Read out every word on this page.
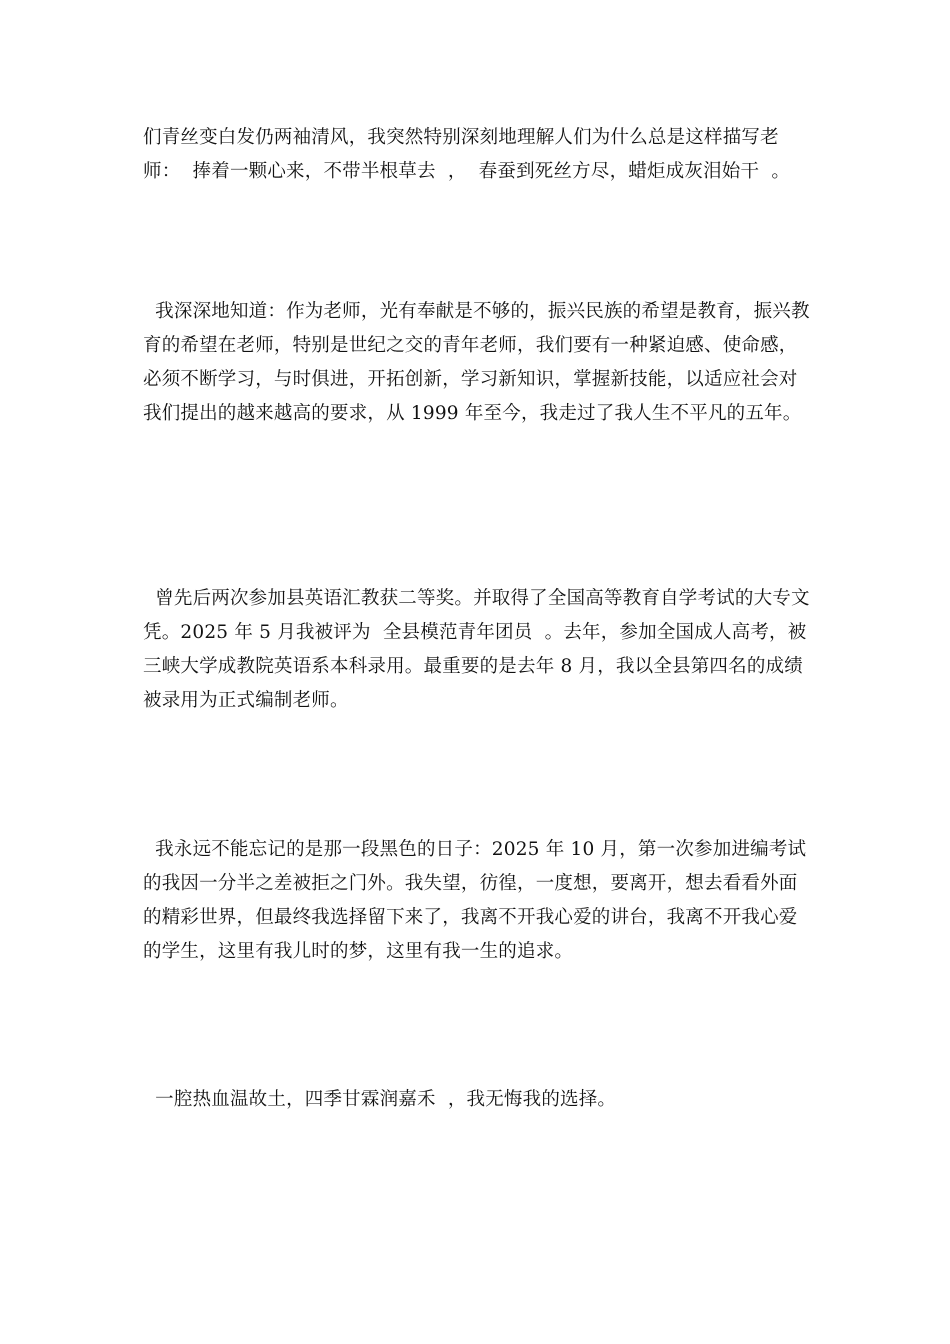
们青丝变白发仍两袖清风，我突然特别深刻地理解人们为什么总是这样描写老师：  捧着一颗心来，不带半根草去  ，  春蚕到死丝方尽，蜡炬成灰泪始干  。

我深深地知道：作为老师，光有奉献是不够的，振兴民族的希望是教育，振兴教育的希望在老师，特别是世纪之交的青年老师，我们要有一种紧迫感、使命感，必须不断学习，与时俱进，开拓创新，学习新知识，掌握新技能，以适应社会对我们提出的越来越高的要求，从 1999 年至今，我走过了我人生不平凡的五年。

曾先后两次参加县英语汇教获二等奖。并取得了全国高等教育自学考试的大专文凭。2025 年 5 月我被评为  全县模范青年团员  。去年，参加全国成人高考，被三峡大学成教院英语系本科录用。最重要的是去年 8 月，我以全县第四名的成绩被录用为正式编制老师。

我永远不能忘记的是那一段黑色的日子：2025 年 10 月，第一次参加进编考试的我因一分半之差被拒之门外。我失望，彷徨，一度想，要离开，想去看看外面的精彩世界，但最终我选择留下来了，我离不开我心爱的讲台，我离不开我心爱的学生，这里有我儿时的梦，这里有我一生的追求。

一腔热血温故土，四季甘霖润嘉禾  ，我无悔我的选择。
